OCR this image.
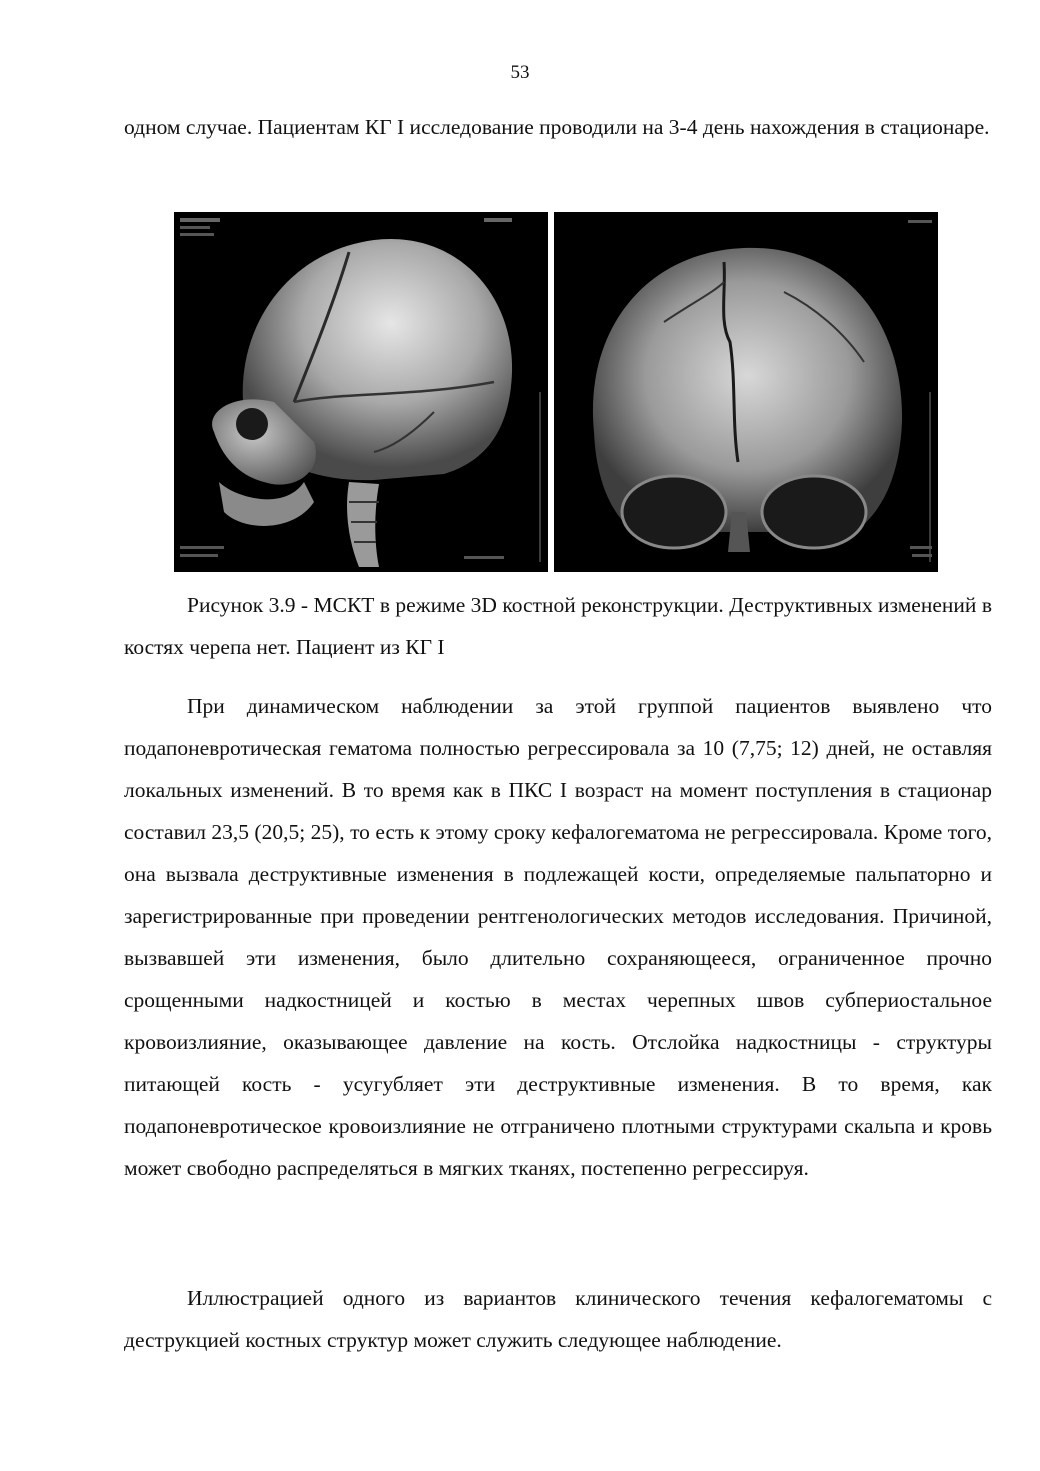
53

одном случае. Пациентам КГ I исследование проводили на 3-4 день нахождения в стационаре.

Рисунок 3.9 - МСКТ в режиме 3D костной реконструкции. Деструктивных изменений в костях черепа нет. Пациент из КГ I

При динамическом наблюдении за этой группой пациентов выявлено что подапоневротическая гематома полностью регрессировала за 10 (7,75; 12) дней, не оставляя локальных изменений. В то время как в ПКС I возраст на момент поступления в стационар составил 23,5 (20,5; 25), то есть к этому сроку кефалогематома не регрессировала. Кроме того, она вызвала деструктивные изменения в подлежащей кости, определяемые пальпаторно и зарегистрированные при проведении рентгенологических методов исследования. Причиной, вызвавшей эти изменения, было длительно сохраняющееся, ограниченное прочно срощенными надкостницей и костью в местах черепных швов субпериостальное кровоизлияние, оказывающее давление на кость. Отслойка надкостницы - структуры питающей кость - усугубляет эти деструктивные изменения. В то время, как подапоневротическое кровоизлияние не отграничено плотными структурами скальпа и кровь может свободно распределяться в мягких тканях, постепенно регрессируя.

Иллюстрацией одного из вариантов клинического течения кефалогематомы с деструкцией костных структур может служить следующее наблюдение.
